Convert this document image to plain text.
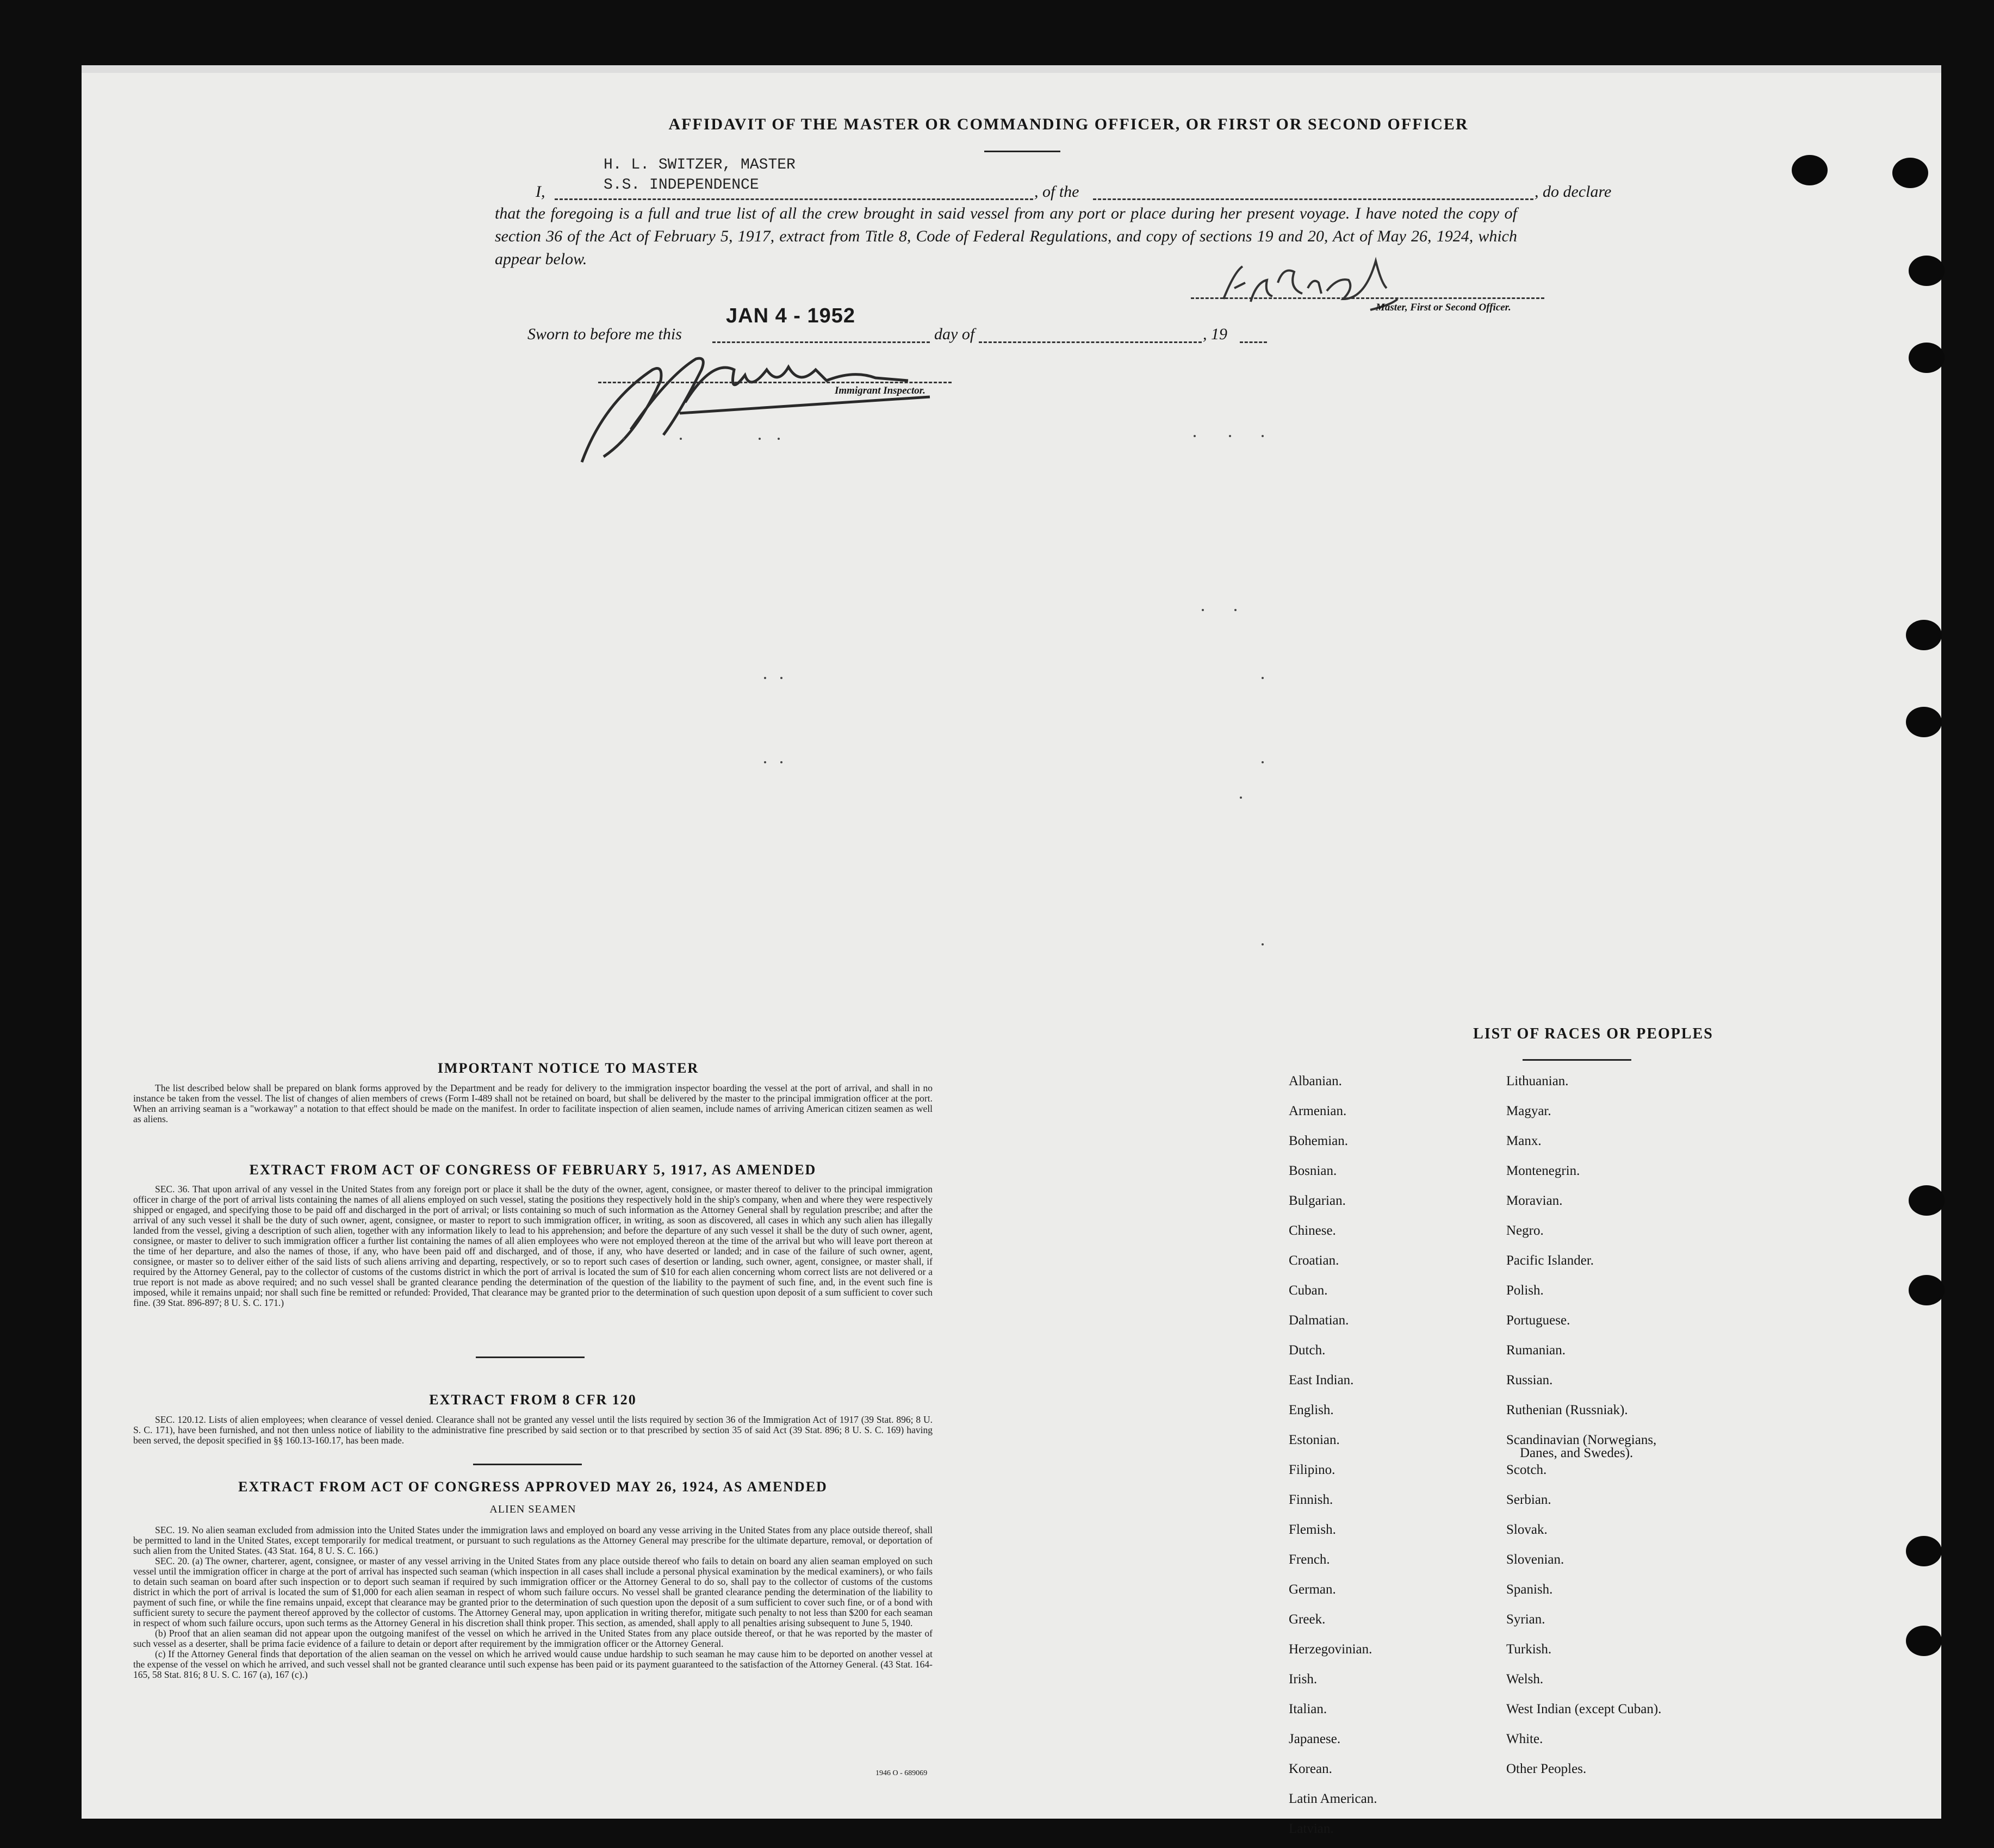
AFFIDAVIT OF THE MASTER OR COMMANDING OFFICER, OR FIRST OR SECOND OFFICER
H. L. SWITZER, MASTER
S.S. INDEPENDENCE
I,	, of the	, do declare
that the foregoing is a full and true list of all the crew brought in said vessel from any port or place during her present voyage. I have noted the copy of section 36 of the Act of February 5, 1917, extract from Title 8, Code of Federal Regulations, and copy of sections 19 and 20, Act of May 26, 1924, which appear below.
Master, First or Second Officer.
Sworn to before me this
JAN 4 - 1952
day of	, 19
Immigrant Inspector.
IMPORTANT NOTICE TO MASTER

The list described below shall be prepared on blank forms approved by the Department and be ready for delivery to the immigration inspector boarding the vessel at the port of arrival, and shall in no instance be taken from the vessel. The list of changes of alien members of crews (Form I-489 shall not be retained on board, but shall be delivered by the master to the principal immigration officer at the port. When an arriving seaman is a "workaway" a notation to that effect should be made on the manifest. In order to facilitate inspection of alien seamen, include names of arriving American citizen seamen as well as aliens.

EXTRACT FROM ACT OF CONGRESS OF FEBRUARY 5, 1917, AS AMENDED

SEC. 36. That upon arrival of any vessel in the United States from any foreign port or place it shall be the duty of the owner, agent, consignee, or master thereof to deliver to the principal immigration officer in charge of the port of arrival lists containing the names of all aliens employed on such vessel, stating the positions they respectively hold in the ship's company, when and where they were respectively shipped or engaged, and specifying those to be paid off and discharged in the port of arrival; or lists containing so much of such information as the Attorney General shall by regulation prescribe; and after the arrival of any such vessel it shall be the duty of such owner, agent, consignee, or master to report to such immigration officer, in writing, as soon as discovered, all cases in which any such alien has illegally landed from the vessel, giving a description of such alien, together with any information likely to lead to his apprehension; and before the departure of any such vessel it shall be the duty of such owner, agent, consignee, or master to deliver to such immigration officer a further list containing the names of all alien employees who were not employed thereon at the time of the arrival but who will leave port thereon at the time of her departure, and also the names of those, if any, who have been paid off and discharged, and of those, if any, who have deserted or landed; and in case of the failure of such owner, agent, consignee, or master so to deliver either of the said lists of such aliens arriving and departing, respectively, or so to report such cases of desertion or landing, such owner, agent, consignee, or master shall, if required by the Attorney General, pay to the collector of customs of the customs district in which the port of arrival is located the sum of $10 for each alien concerning whom correct lists are not delivered or a true report is not made as above required; and no such vessel shall be granted clearance pending the determination of the question of the liability to the payment of such fine, and, in the event such fine is imposed, while it remains unpaid; nor shall such fine be remitted or refunded: Provided, That clearance may be granted prior to the determination of such question upon deposit of a sum sufficient to cover such fine. (39 Stat. 896-897; 8 U. S. C. 171.)

EXTRACT FROM 8 CFR 120

SEC. 120.12. Lists of alien employees; when clearance of vessel denied. Clearance shall not be granted any vessel until the lists required by section 36 of the Immigration Act of 1917 (39 Stat. 896; 8 U. S. C. 171), have been furnished, and not then unless notice of liability to the administrative fine prescribed by said section or to that prescribed by section 35 of said Act (39 Stat. 896; 8 U. S. C. 169) having been served, the deposit specified in §§ 160.13-160.17, has been made.

EXTRACT FROM ACT OF CONGRESS APPROVED MAY 26, 1924, AS AMENDED
ALIEN SEAMEN

SEC. 19. No alien seaman excluded from admission into the United States under the immigration laws and employed on board any vesse arriving in the United States from any place outside thereof, shall be permitted to land in the United States, except temporarily for medical treatment, or pursuant to such regulations as the Attorney General may prescribe for the ultimate departure, removal, or deportation of such alien from the United States. (43 Stat. 164, 8 U. S. C. 166.)

SEC. 20. (a) The owner, charterer, agent, consignee, or master of any vessel arriving in the United States from any place outside thereof who fails to detain on board any alien seaman employed on such vessel until the immigration officer in charge at the port of arrival has inspected such seaman (which inspection in all cases shall include a personal physical examination by the medical examiners), or who fails to detain such seaman on board after such inspection or to deport such seaman if required by such immigration officer or the Attorney General to do so, shall pay to the collector of customs of the customs district in which the port of arrival is located the sum of $1,000 for each alien seaman in respect of whom such failure occurs. No vessel shall be granted clearance pending the determination of the liability to payment of such fine, or while the fine remains unpaid, except that clearance may be granted prior to the determination of such question upon the deposit of a sum sufficient to cover such fine, or of a bond with sufficient surety to secure the payment thereof approved by the collector of customs. The Attorney General may, upon application in writing therefor, mitigate such penalty to not less than $200 for each seaman in respect of whom such failure occurs, upon such terms as the Attorney General in his discretion shall think proper. This section, as amended, shall apply to all penalties arising subsequent to June 5, 1940.

(b) Proof that an alien seaman did not appear upon the outgoing manifest of the vessel on which he arrived in the United States from any place outside thereof, or that he was reported by the master of such vessel as a deserter, shall be prima facie evidence of a failure to detain or deport after requirement by the immigration officer or the Attorney General.

(c) If the Attorney General finds that deportation of the alien seaman on the vessel on which he arrived would cause undue hardship to such seaman he may cause him to be deported on another vessel at the expense of the vessel on which he arrived, and such vessel shall not be granted clearance until such expense has been paid or its payment guaranteed to the satisfaction of the Attorney General. (43 Stat. 164-165, 58 Stat. 816; 8 U. S. C. 167 (a), 167 (c).)

1946 O - 689069
LIST OF RACES OR PEOPLES
Albanian.
Armenian.
Bohemian.
Bosnian.
Bulgarian.
Chinese.
Croatian.
Cuban.
Dalmatian.
Dutch.
East Indian.
English.
Estonian.
Filipino.
Finnish.
Flemish.
French.
German.
Greek.
Herzegovinian.
Irish.
Italian.
Japanese.
Korean.
Latin American.
Latvian.
Lithuanian.
Magyar.
Manx.
Montenegrin.
Moravian.
Negro.
Pacific Islander.
Polish.
Portuguese.
Rumanian.
Russian.
Ruthenian (Russniak).
Scandinavian (Norwegians,
Danes, and Swedes).
Scotch.
Serbian.
Slovak.
Slovenian.
Spanish.
Syrian.
Turkish.
Welsh.
West Indian (except Cuban).
White.
Other Peoples.
